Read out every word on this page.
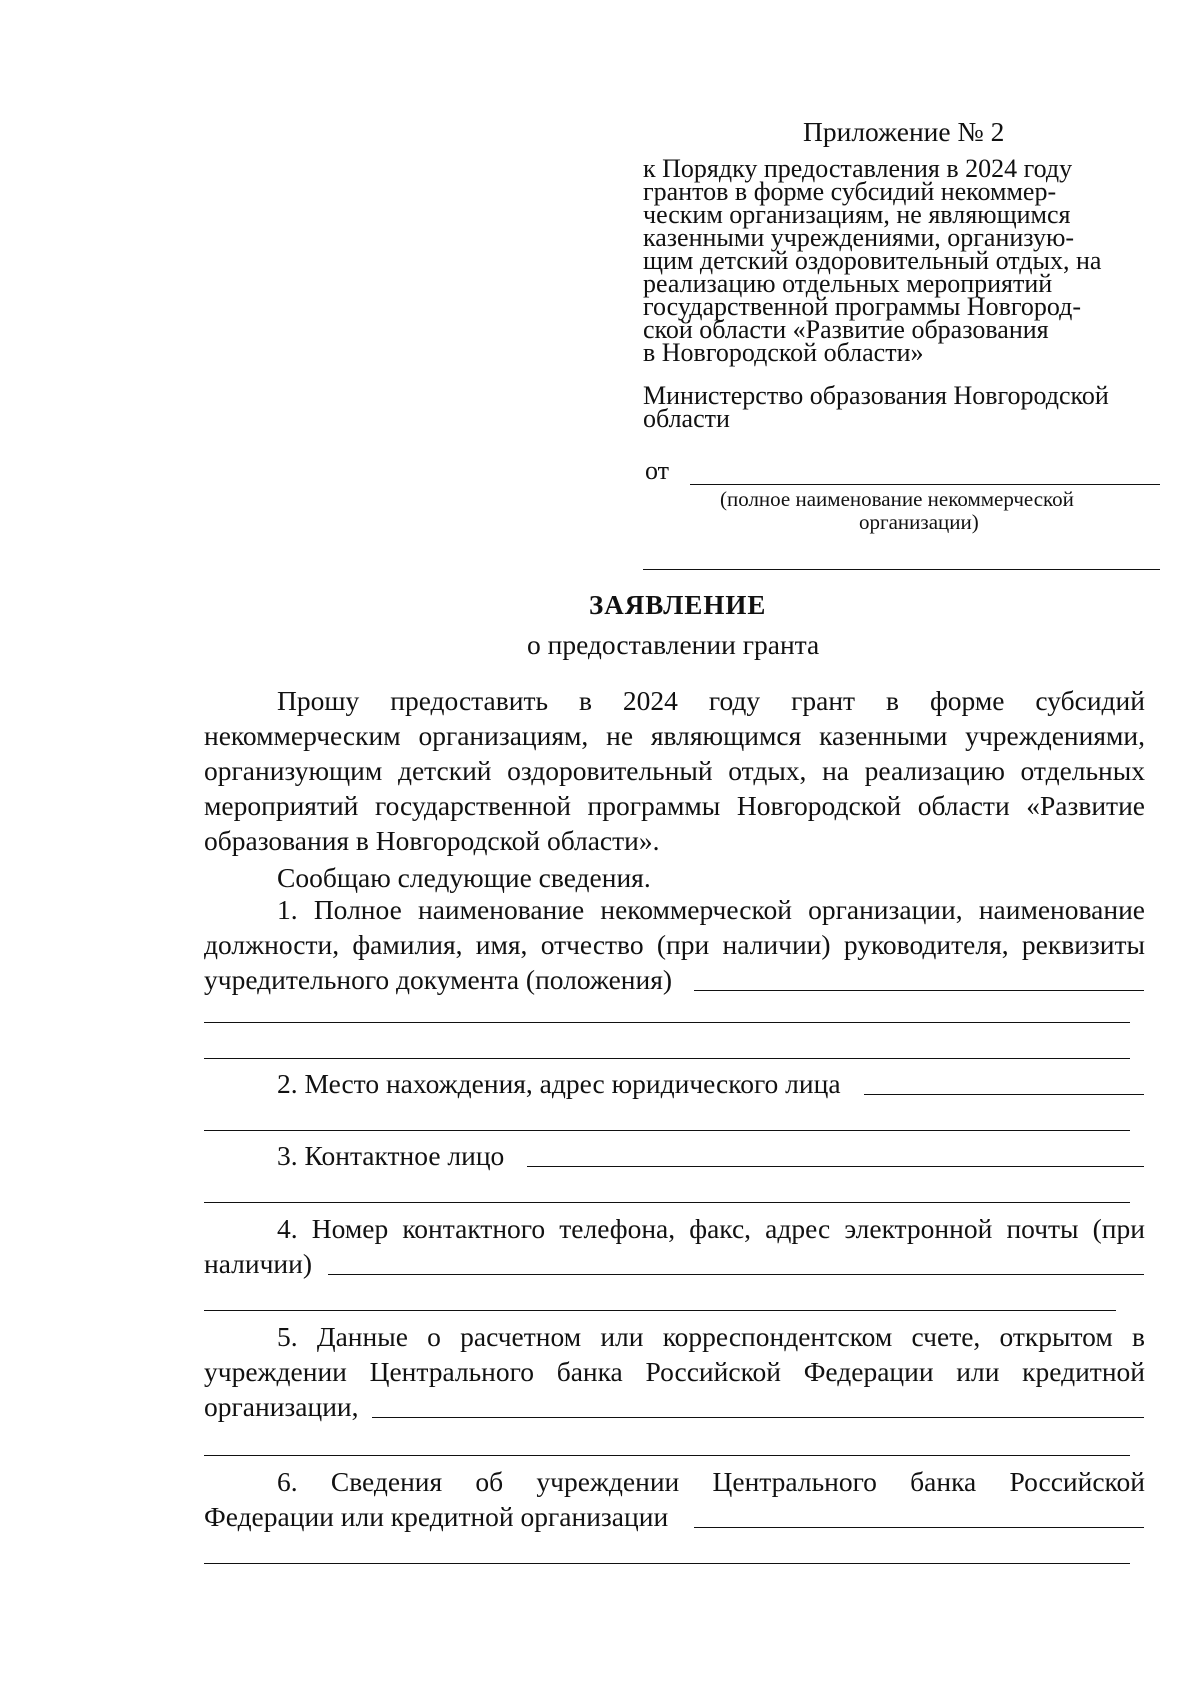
Приложение № 2
к Порядку предоставления в 2024 году
грантов в форме субсидий некоммер-
ческим организациям, не являющимся
казенными учреждениями, организую-
щим детский оздоровительный отдых, на
реализацию отдельных мероприятий
государственной программы Новгород-
ской области «Развитие образования
в Новгородской области»
Министерство образования Новгородской
области
от
(полное наименование некоммерческой
организации)
ЗАЯВЛЕНИЕ
о предоставлении гранта
Прошу предоставить в 2024 году грант в форме субсидий
некоммерческим организациям, не являющимся казенными учреждениями,
организующим детский оздоровительный отдых, на реализацию отдельных
мероприятий государственной программы Новгородской области «Развитие
образования в Новгородской области».
Сообщаю следующие сведения.
1. Полное наименование некоммерческой организации, наименование
должности, фамилия, имя, отчество (при наличии) руководителя, реквизиты
учредительного документа (положения)
2. Место нахождения, адрес юридического лица
3. Контактное лицо
4. Номер контактного телефона, факс, адрес электронной почты (при
наличии)
5. Данные о расчетном или корреспондентском счете, открытом в
учреждении Центрального банка Российской Федерации или кредитной
организации,
6. Сведения об учреждении Центрального банка Российской
Федерации или кредитной организации
